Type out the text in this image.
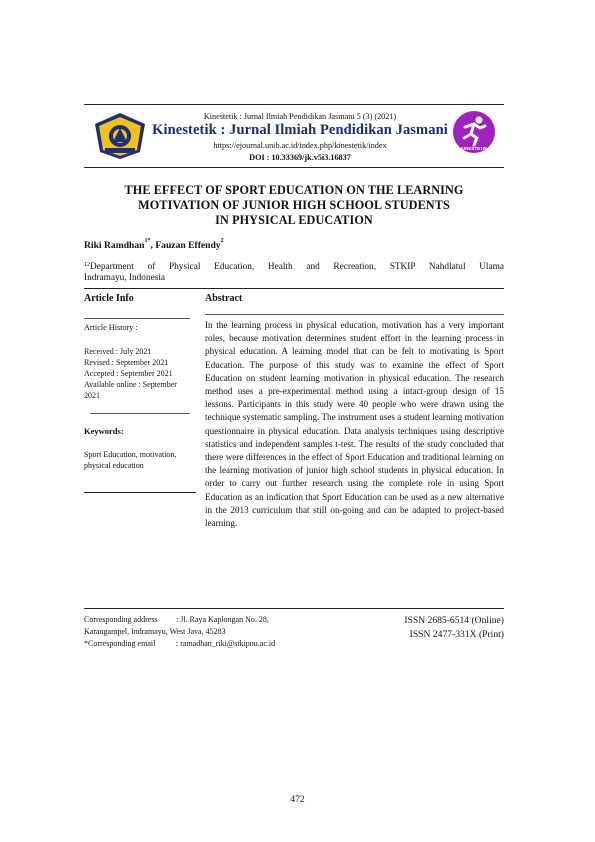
KINESTETIK
Kinestetik : Jurnal Ilmiah Pendidikan Jasmani 5 (3) (2021)
Kinestetik : Jurnal Ilmiah Pendidikan Jasmani
https://ejournal.unib.ac.id/index.php/kinestetik/index
DOI : 10.33369/jk.v5i3.16837
THE EFFECT OF SPORT EDUCATION ON THE LEARNING
MOTIVATION OF JUNIOR HIGH SCHOOL STUDENTS
IN PHYSICAL EDUCATION
Riki Ramdhan$^{1*}$, Fauzan Effendy$^2$
$^{12}$Department of Physical Education, Health and Recreation, STKIP Nahdlatul Ulama
Indramayu, Indonesia
Article Info
Article History :
Received : July 2021
Revised : September 2021
Accepted : September 2021
Available online : September
2021
Keywords:
Sport Education, motivation,
physical education
Abstract

In the learning process in physical education, motivation has a very important roles, because motivation determines student effort in the learning process in physical education. A learning model that can be felt to motivating is Sport Education. The purpose of this study was to examine the effect of Sport Education on student learning motivation in physical education. The research method uses a pre-experimental method using a intact-group design of 15 lessons. Participants in this study were 40 people who were drawn using the technique systematic sampling. The instrument uses a student learning motivation questionnaire in physical education. Data analysis techniques using descriptive statistics and independent samples t-test. The results of the study concluded that there were differences in the effect of Sport Education and traditional learning on the learning motivation of junior high school students in physical education. In order to carry out further research using the complete role in using Sport Education as an indication that Sport Education can be used as a new alternative in the 2013 curriculum that still on-going and can be adapted to project-based learning.

Corresponding address : Jl. Raya Kaplongan No. 28,
Karangampel, Indramayu, West Java, 45283
*Corresponding email	: ramadhan_riki@stkipnu.ac.id
ISSN 2685-6514 (Online)
ISSN 2477-331X (Print)
472
